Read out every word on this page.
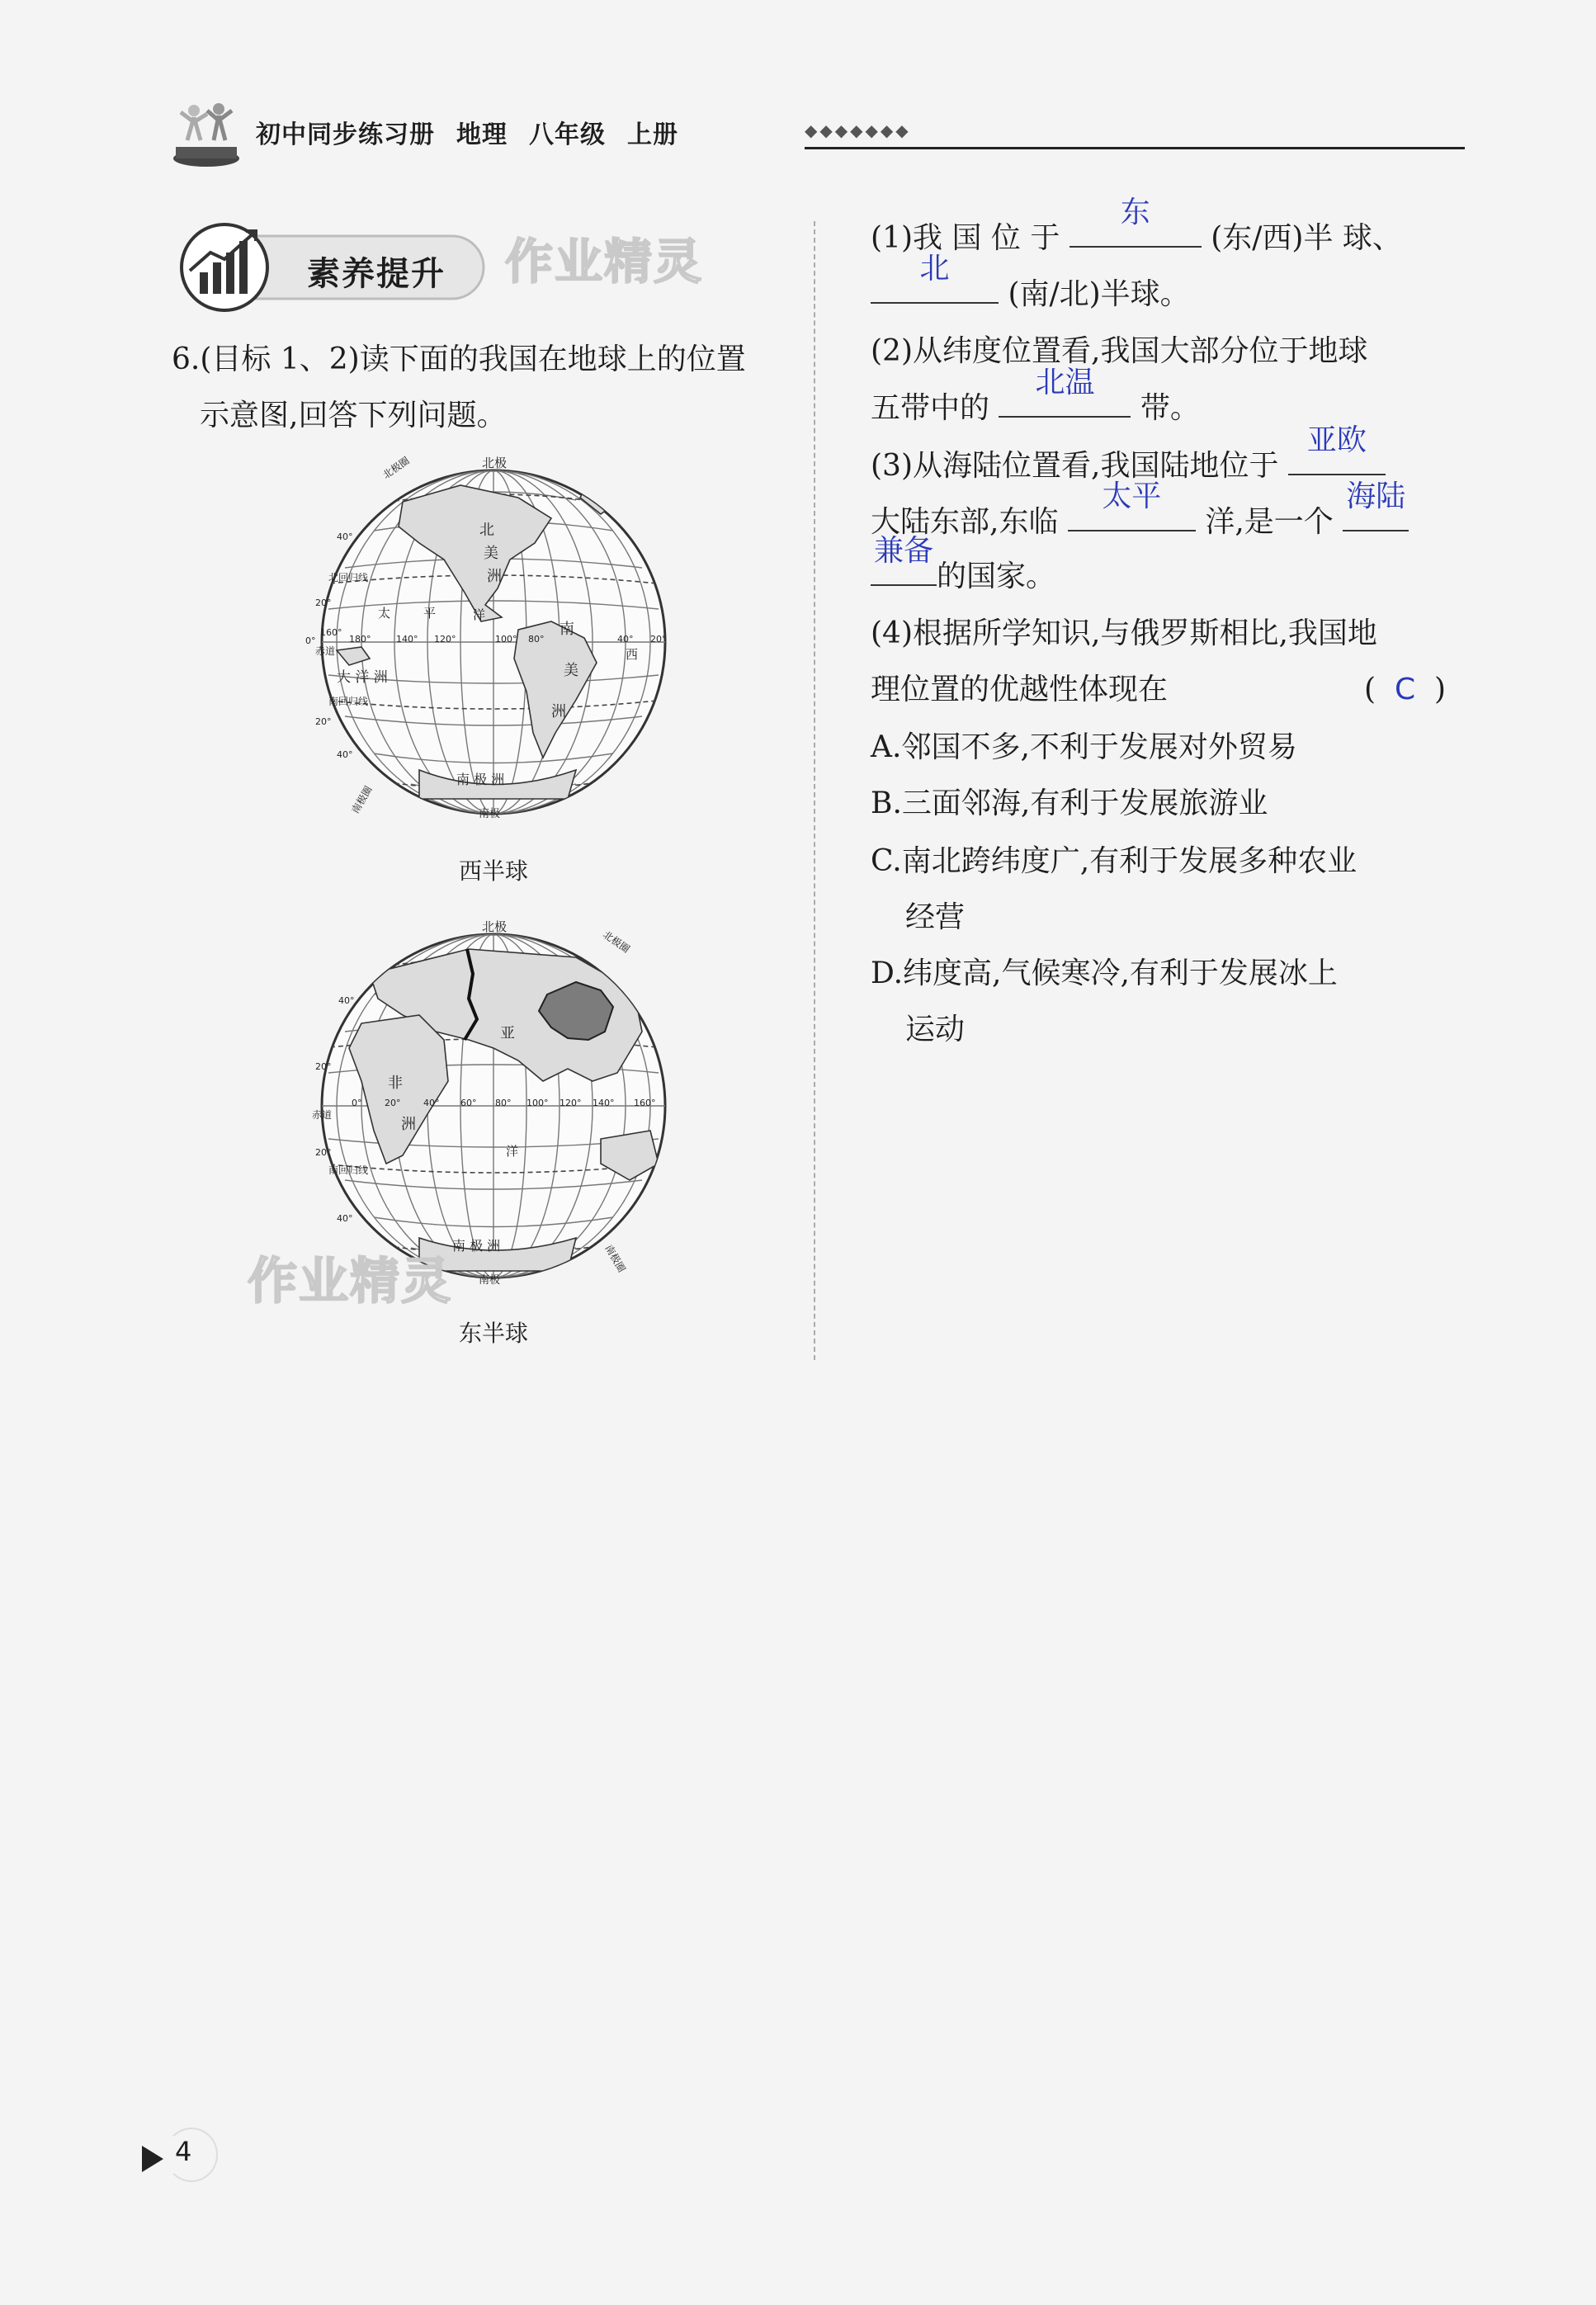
初中同步练习册 地理 八年级 上册	◆◆◆◆◆◆◆
素养提升 作业精灵
6.(目标 1、2)读下面的我国在地球上的位置
示意图,回答下列问题。
北极
北极圈
北
美
洲
北回归线
太	平	洋
赤道
大 洋 洲
南
美
洲
西
南回归线
南 极 洲
南极
南极圈
160°
180°	140° 120°	100° 80°	40° 20°
0°
40°
20°
20°
40°
西半球
北极
北极圈
亚
非
洲
赤道
南回归线
洋
南 极 洲
南极
南极圈
0°	20°	40° 60° 80° 100° 120° 140° 160°
40°
20°
20°
40°
作业精灵
东半球
(1)我 国 位 于
东
(东/西)半 球、
北
(南/北)半球。
(2)从纬度位置看,我国大部分位于地球
五带中的
北温
带。
(3)从海陆位置看,我国陆地位于
亚欧
大陆东部,东临
太平
洋,是一个
海陆
兼备
的国家。
(4)根据所学知识,与俄罗斯相比,我国地
理位置的优越性体现在	( C )
A.邻国不多,不利于发展对外贸易
B.三面邻海,有利于发展旅游业
C.南北跨纬度广,有利于发展多种农业
经营
D.纬度高,气候寒冷,有利于发展冰上
运动
4
